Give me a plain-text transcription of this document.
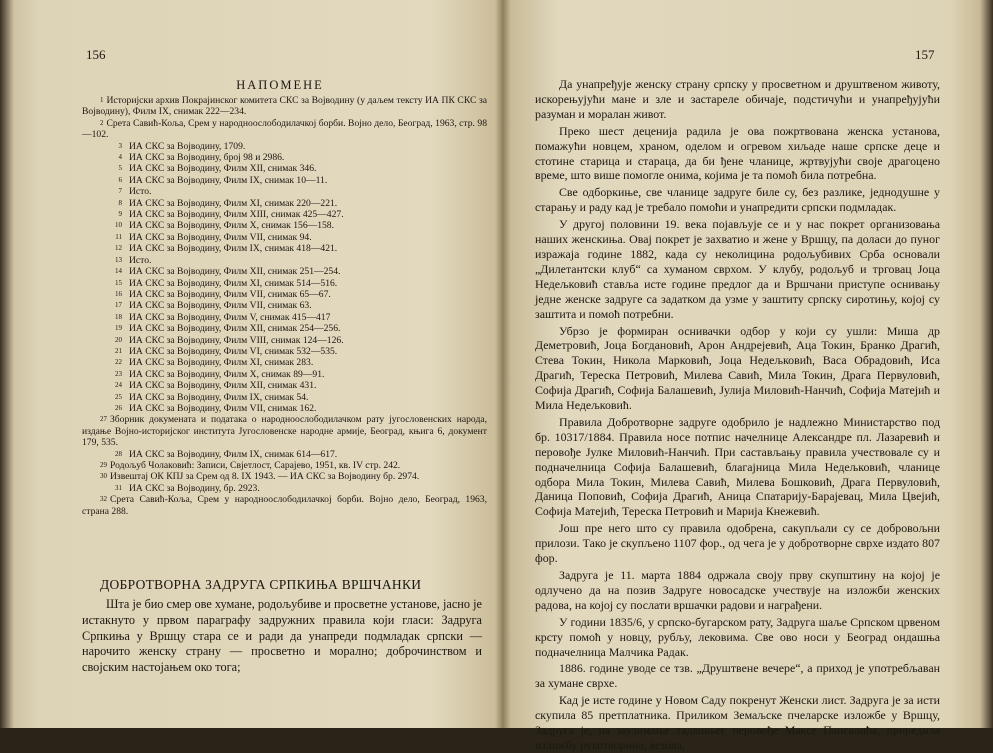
156
НАПОМЕНЕ
$^1$ Историјски архив Покрајинског комитета СКС за Војводину (у даљем тексту ИА ПК СКС за Војводину), Филм IX, снимак 222—234.
$^2$ Срета Савић-Коља, Срем у народноослободилачкој борби. Војно дело, Београд, 1963, стр. 98—102.
$^3$ ИА СКС за Војводину, 1709.
$^4$ ИА СКС за Војводину, број 98 и 2986.
$^5$ ИА СКС за Војводину, Филм XII, снимак 346.
$^6$ ИА СКС за Војводину, Филм IX, снимак 10—11.
$^7$ Исто.
$^8$ ИА СКС за Војводину, Филм XI, снимак 220—221.
$^9$ ИА СКС за Војводину, Филм XIII, снимак 425—427.
$^{10}$ ИА СКС за Војводину, Филм X, снимак 156—158.
$^{11}$ ИА СКС за Војводину, Филм VII, снимак 94.
$^{12}$ ИА СКС за Војводину, Филм IX, снимак 418—421.
$^{13}$ Исто.
$^{14}$ ИА СКС за Војводину, Филм XII, снимак 251—254.
$^{15}$ ИА СКС за Војводину, Филм XI, снимак 514—516.
$^{16}$ ИА СКС за Војводину, Филм VII, снимак 65—67.
$^{17}$ ИА СКС за Војводину, Филм VII, снимак 63.
$^{18}$ ИА СКС за Војводину, Филм V, снимак 415—417
$^{19}$ ИА СКС за Војводину, Филм XII, снимак 254—256.
$^{20}$ ИА СКС за Војводину, Филм VIII, снимак 124—126.
$^{21}$ ИА СКС за Војводину, Филм VI, снимак 532—535.
$^{22}$ ИА СКС за Војводину, Филм XI, снимак 283.
$^{23}$ ИА СКС за Војводину, Филм X, снимак 89—91.
$^{24}$ ИА СКС за Војводину, Филм XII, снимак 431.
$^{25}$ ИА СКС за Војводину, Филм IX, снимак 54.
$^{26}$ ИА СКС за Војводину, Филм VII, снимак 162.
$^{27}$ Зборник докумената и података о народноослободилачком рату југословенских народа, издање Војно-историјског института Југословенске народне армије, Београд, књига 6, документ 179, 535.
$^{28}$ ИА СКС за Војводину, Филм IX, снимак 614—617.
$^{29}$ Родољуб Чолаковић: Записи, Свјетлост, Сарајево, 1951, кв. IV стр. 242.
$^{30}$ Извештај ОК КПЈ за Срем од 8. IX 1943. — ИА СКС за Војводину бр. 2974.
$^{31}$ ИА СКС за Војводину, бр. 2923.
$^{32}$ Срета Савић-Коља, Срем у народноослободилачкој борби. Војно дело, Београд, 1963, страна 288.
ДОБРОТВОРНА ЗАДРУГА СРПКИЊА ВРШЧАНКИ

Шта је био смер ове хумане, родољубиве и просветне установе, јасно је истакнуто у првом параграфу задружних правила који гласи: Задруга Српкиња у Вршцу стара се и ради да унапреди подмладак српски — нарочито женску страну — просветно и морално; доброчинством и својским настојањем око тога;

157

Да унапређује женску страну српску у просветном и друштвеном животу, искорењујући мане и зле и застареле обичаје, подстичући и унапређујући разуман и моралан живот.

Преко шест деценија радила је ова пожртвована женска установа, помажући новцем, храном, оделом и огревом хиљаде наше српске деце и стотине старица и стараца, да би ђене чланице, жртвујући своје драгоцено време, што више помогле онима, којима је та помоћ била потребна.

Све одборкиње, све чланице задруге биле су, без разлике, једнодушне у старању и раду кад је требало помоћи и унапредити српски подмладак.

У другој половини 19. века појављује се и у нас покрет организовања наших женскиња. Овај покрет је захватио и жене у Вршцу, па доласи до пуног изражаја године 1882, када су неколицина родољубивих Срба основали „Дилетантски клуб“ са хуманом сврхом. У клубу, родољуб и трговац Јоца Недељковић ставља исте године предлог да и Вршчани приступе оснивању једне женске задруге са задатком да узме у заштиту српску сиротињу, којој су заштита и помоћ потребни.

Убрзо је формиран оснивачки одбор у који су ушли: Миша др Деметровић, Јоца Богдановић, Арон Андрејевић, Аца Токин, Бранко Драгић, Стева Токин, Никола Марковић, Јоца Недељковић, Васа Обрадовић, Иса Драгић, Тереска Петровић, Милева Савић, Мила Токин, Драга Первуловић, Софија Драгић, Софија Балашевић, Јулија Миловић-Нанчић, Софија Матејић и Мила Недељковић.

Правила Добротворне задруге одобрило је надлежно Министарство под бр. 10317/1884. Правила носе потпис начелнице Александре пл. Лазаревић и перовође Јулке Миловић-Нанчић. При састављању правила учествовале су и подначелница Софија Балашевић, благајница Мила Недељковић, чланице одбора Мила Токин, Милева Савић, Милева Бошковић, Драга Первуловић, Даница Поповић, Софија Драгић, Аница Спатарију-Барајевац, Мила Цвејић, Софија Матејић, Тереска Петровић и Марија Кнежевић.

Још пре него што су правила одобрена, сакупљали су се добровољни прилози. Тако је скупљено 1107 фор., од чега је у добротворне сврхе издато 807 фор.

Задруга је 11. марта 1884 одржала своју прву скупштину на којој је одлучено да на позив Задруге новосадске учествује на изложби женских радова, на којој су послати вршачки радови и награђени.

У години 1835/6, у српско-бугарском рату, Задруга шаље Српском црвеном крсту помоћ у новцу, рубљу, лековима. Све ово носи у Београд ондашња подначелница Малчика Радак.

1886. године уводе се тзв. „Друштвене вечере“, а приход је употребљаван за хумане сврхе.

Кад је исте године у Новом Саду покренут Женски лист. Задруга је за исти скупила 85 претплатника. Приликом Земаљске пчеларске изложбе у Вршцу, Задруга је, на заузимање тадашњег перовође Максе Пангалића, приредила изложбу рукотворина, везова,
